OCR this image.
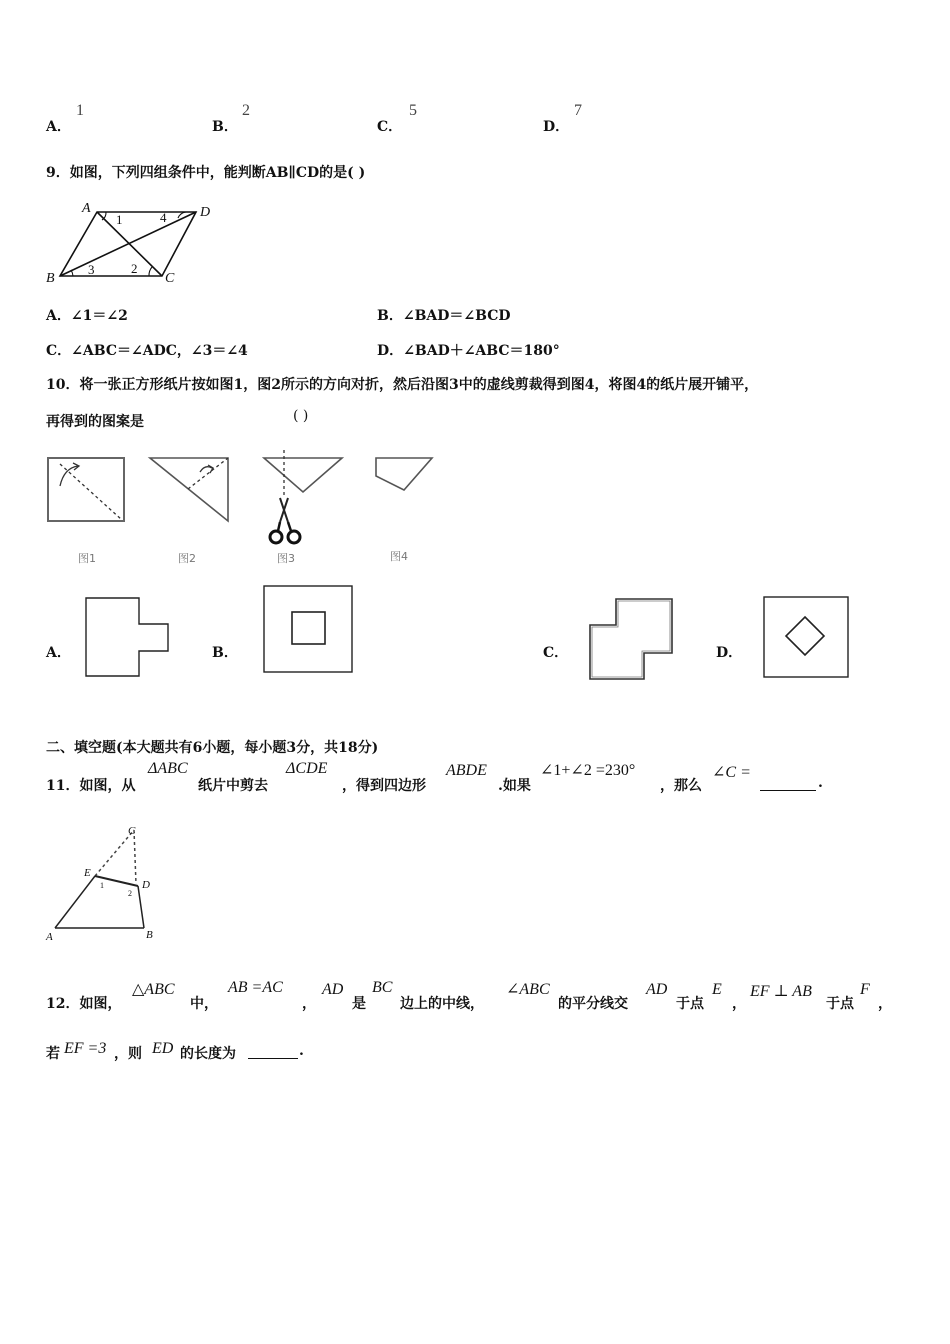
A．
1
B．
2
C．
5
D．
7
9．如图，下列四组条件中，能判断AB∥CD的是( )
A	D
B	C
1	4
3	2
A．∠1＝∠2	B．∠BAD＝∠BCD
C．∠ABC＝∠ADC，∠3＝∠4	D．∠BAD＋∠ABC＝180°
10．将一张正方形纸片按如图1，图2所示的方向对折，然后沿图3中的虚线剪裁得到图4，将图4的纸片展开铺平，
再得到的图案是	( )
图1	图2	图3	图4
A．	B．	C．	D．
二、填空题(本大题共有6小题，每小题3分，共18分)
11．如图，从
ΔABC
纸片中剪去
ΔCDE
，得到四边形
ABDE
.如果
∠1+∠2 =230°
，那么
∠C =
.
C
E
D
A	B
1
2
12．如图，
△ABC
中，
AB =AC
，
AD
是
BC
边上的中线，
∠ABC
的平分线交
AD
于点
E
，
EF ⊥ AB
于点
F
，
若 EF =3 ，则 ED 的长度为	.
